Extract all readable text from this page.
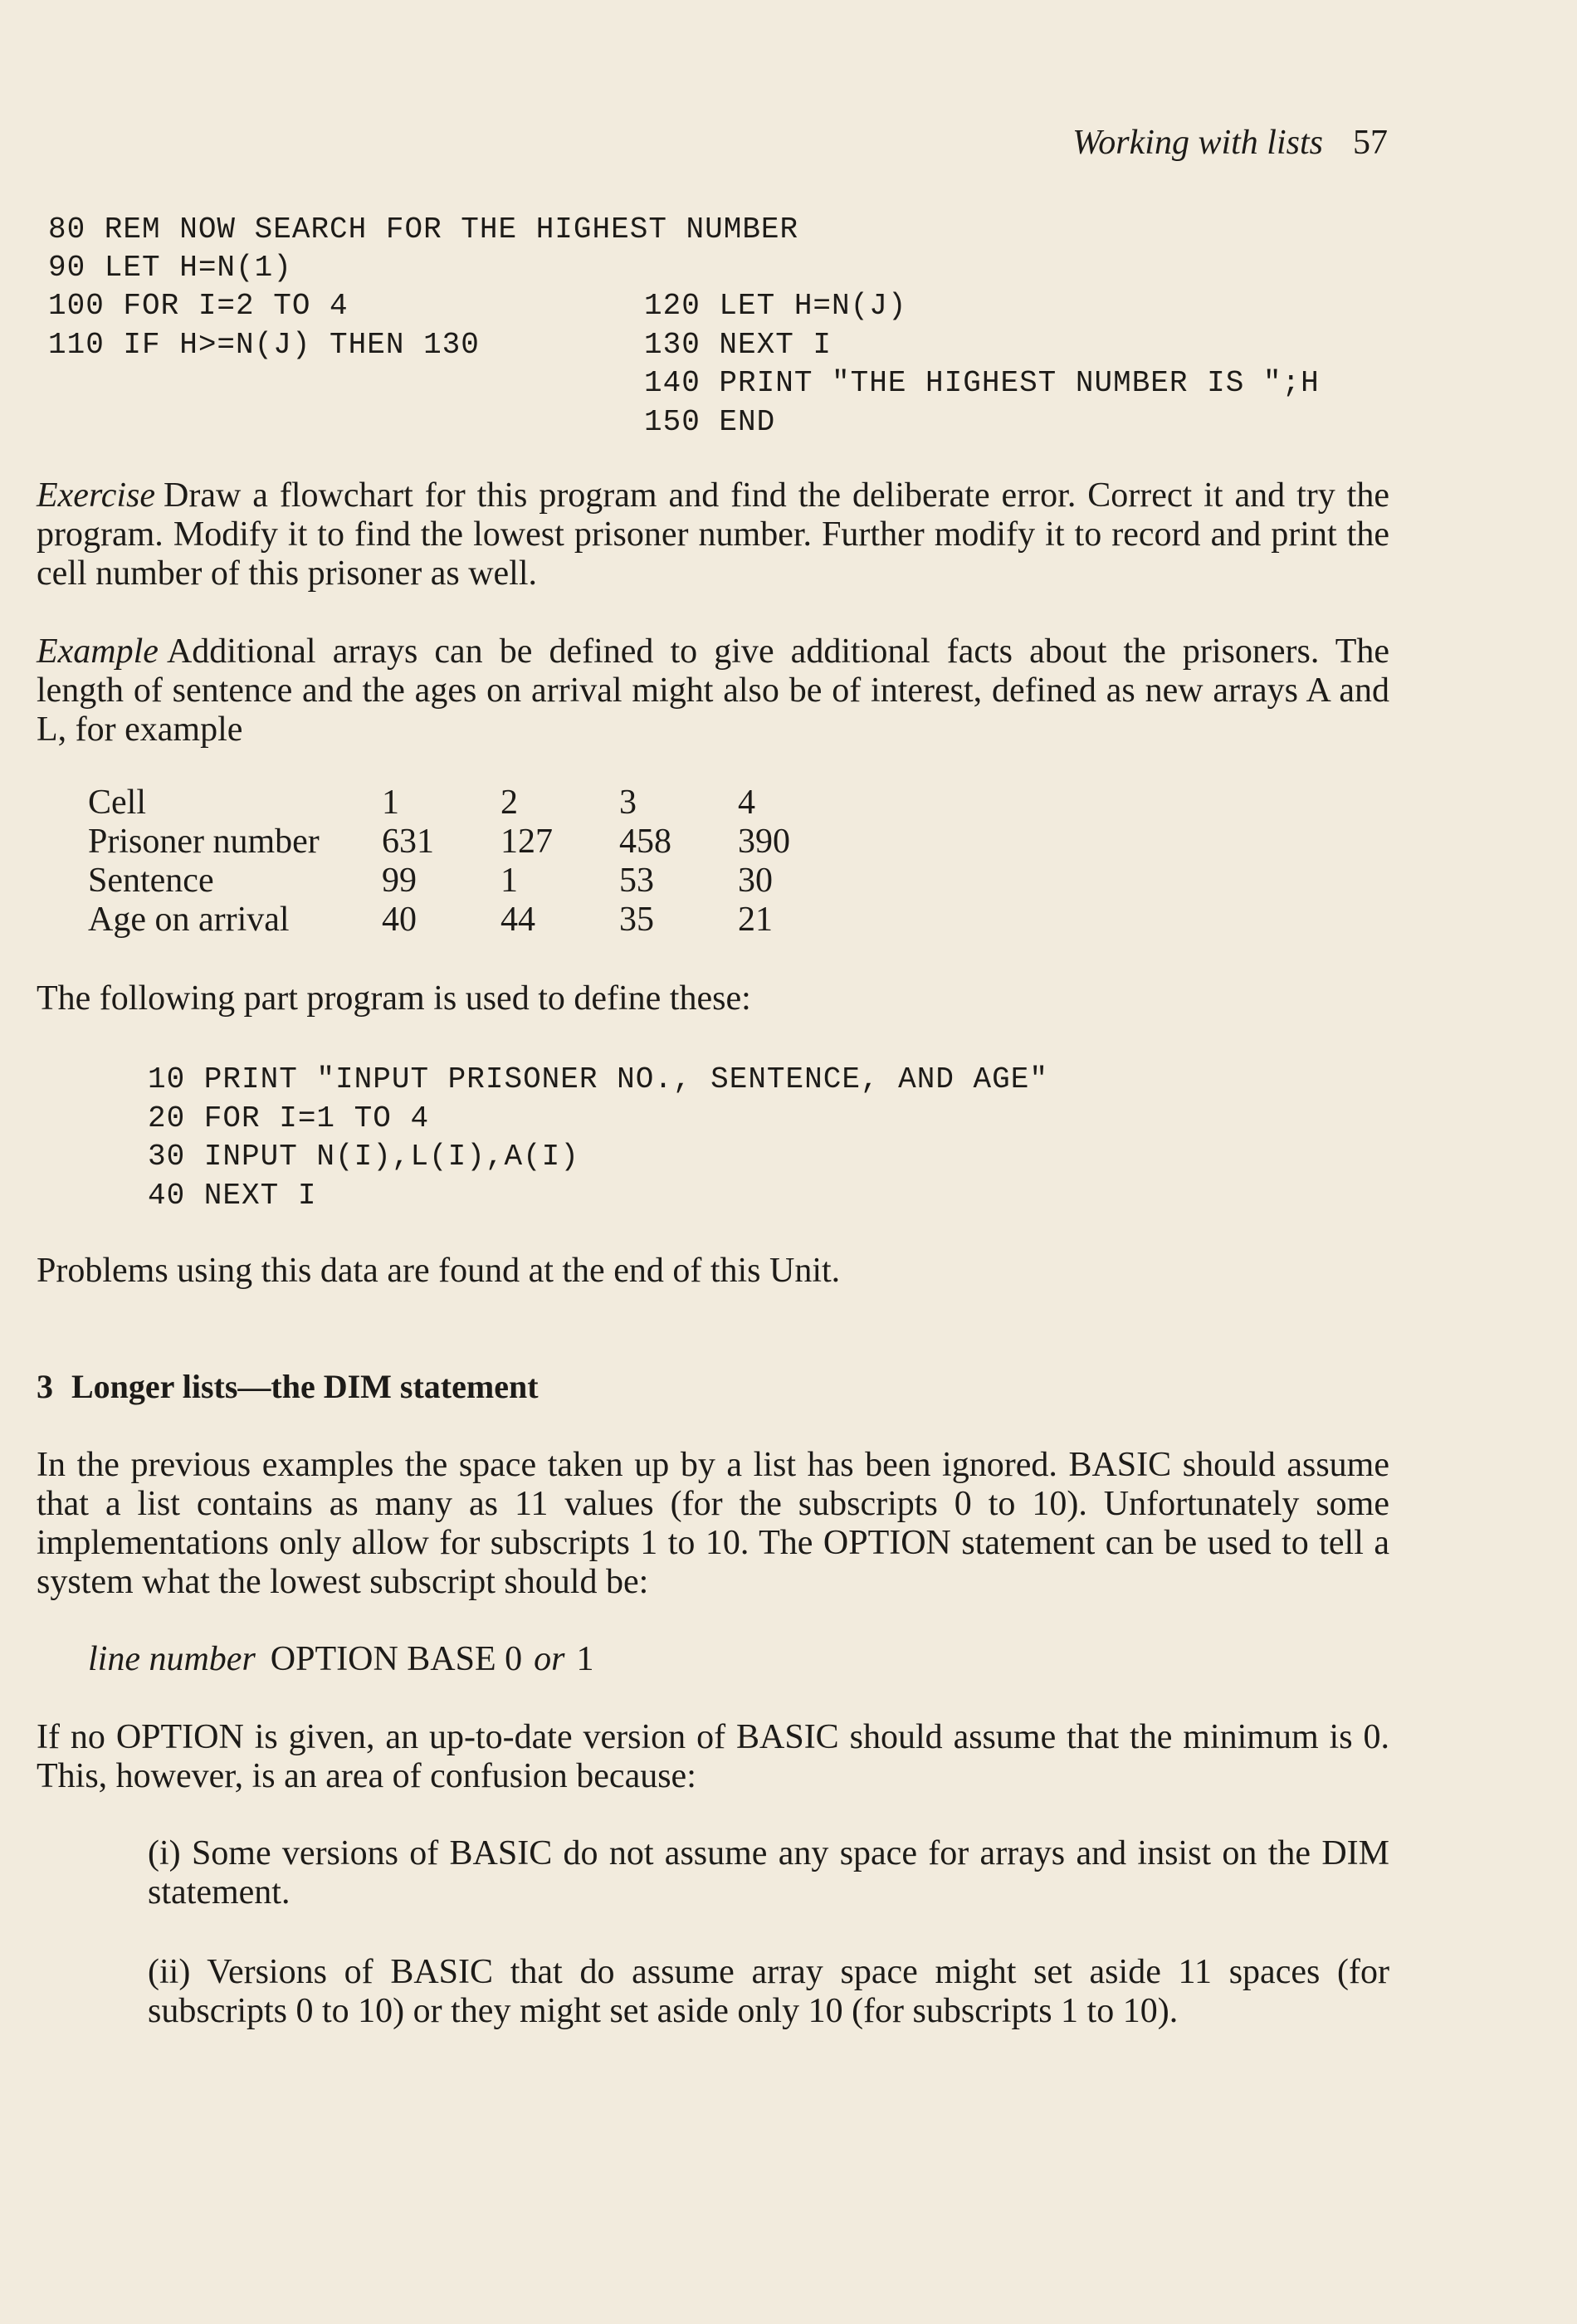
Working with lists 57
80 REM NOW SEARCH FOR THE HIGHEST NUMBER
90 LET H=N(1)
100 FOR I=2 TO 4
110 IF H>=N(J) THEN 130
120 LET H=N(J)
130 NEXT I
140 PRINT "THE HIGHEST NUMBER IS ";H
150 END
Exercise Draw a flowchart for this program and find the deliberate error. Correct it and try the program. Modify it to find the lowest prisoner number. Further modify it to record and print the cell number of this prisoner as well.
Example Additional arrays can be defined to give additional facts about the prisoners. The length of sentence and the ages on arrival might also be of interest, defined as new arrays A and L, for example
Cell	1	2	3	4
Prisoner number	631	127	458	390
Sentence	99	1	53	30
Age on arrival	40	44	35	21
The following part program is used to define these:
10 PRINT "INPUT PRISONER NO., SENTENCE, AND AGE"
20 FOR I=1 TO 4
30 INPUT N(I),L(I),A(I)
40 NEXT I
Problems using this data are found at the end of this Unit.
3 Longer lists—the DIM statement
In the previous examples the space taken up by a list has been ignored. BASIC should assume that a list contains as many as 11 values (for the subscripts 0 to 10). Unfortunately some implementations only allow for subscripts 1 to 10. The OPTION statement can be used to tell a system what the lowest subscript should be:
line number OPTION BASE 0 or 1
If no OPTION is given, an up-to-date version of BASIC should assume that the minimum is 0. This, however, is an area of confusion because:
(i) Some versions of BASIC do not assume any space for arrays and insist on the DIM statement.
(ii) Versions of BASIC that do assume array space might set aside 11 spaces (for subscripts 0 to 10) or they might set aside only 10 (for subscripts 1 to 10).
